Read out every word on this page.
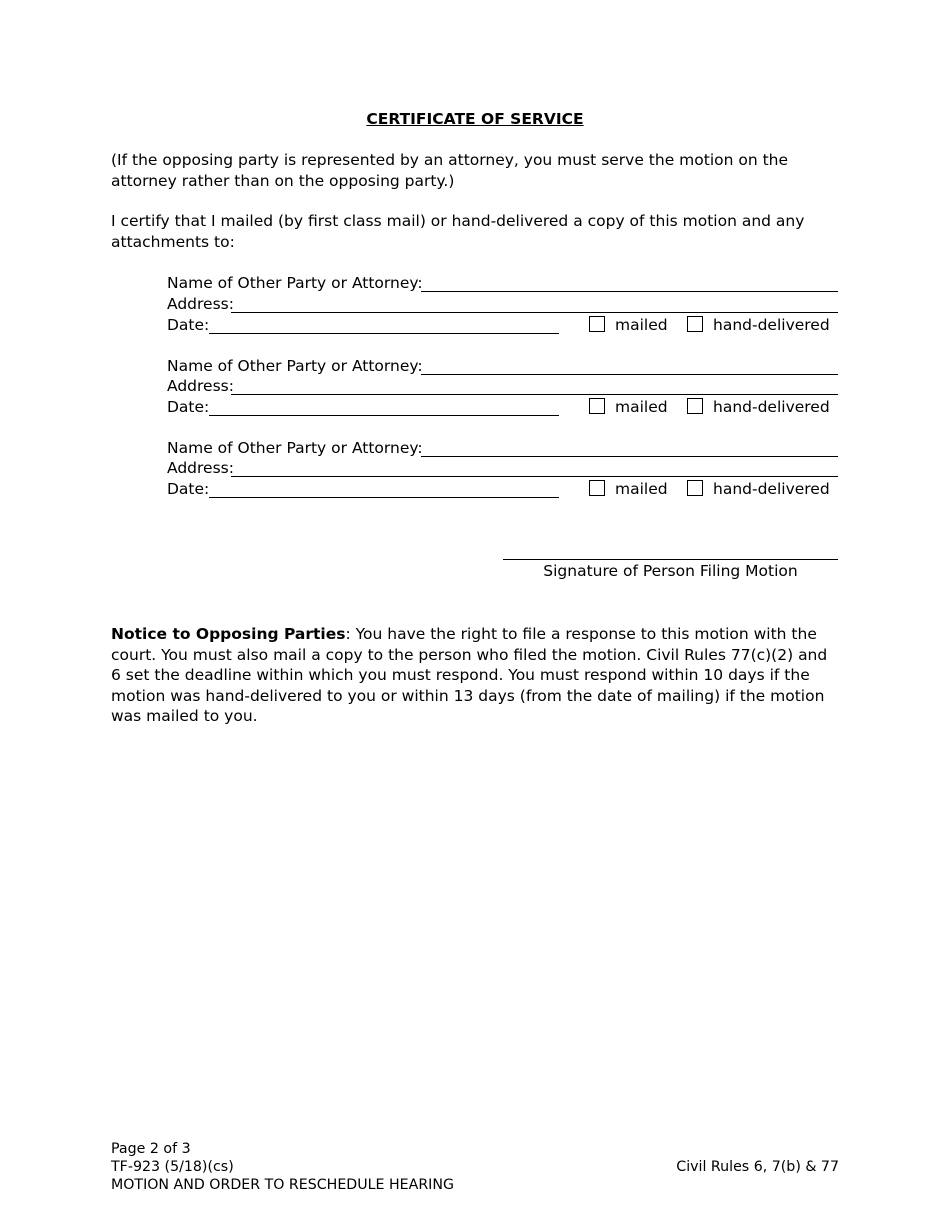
CERTIFICATE OF SERVICE
(If the opposing party is represented by an attorney, you must serve the motion on the attorney rather than on the opposing party.)
I certify that I mailed (by first class mail) or hand-delivered a copy of this motion and any attachments to:
Name of Other Party or Attorney:
Address:
Date:	mailed	hand-delivered
Name of Other Party or Attorney:
Address:
Date:	mailed	hand-delivered
Name of Other Party or Attorney:
Address:
Date:	mailed	hand-delivered
Signature of Person Filing Motion
Notice to Opposing Parties: You have the right to file a response to this motion with the court. You must also mail a copy to the person who filed the motion. Civil Rules 77(c)(2) and 6 set the deadline within which you must respond. You must respond within 10 days if the motion was hand-delivered to you or within 13 days (from the date of mailing) if the motion was mailed to you.
Page 2 of 3
TF-923 (5/18)(cs)
MOTION AND ORDER TO RESCHEDULE HEARING
Civil Rules 6, 7(b) & 77
